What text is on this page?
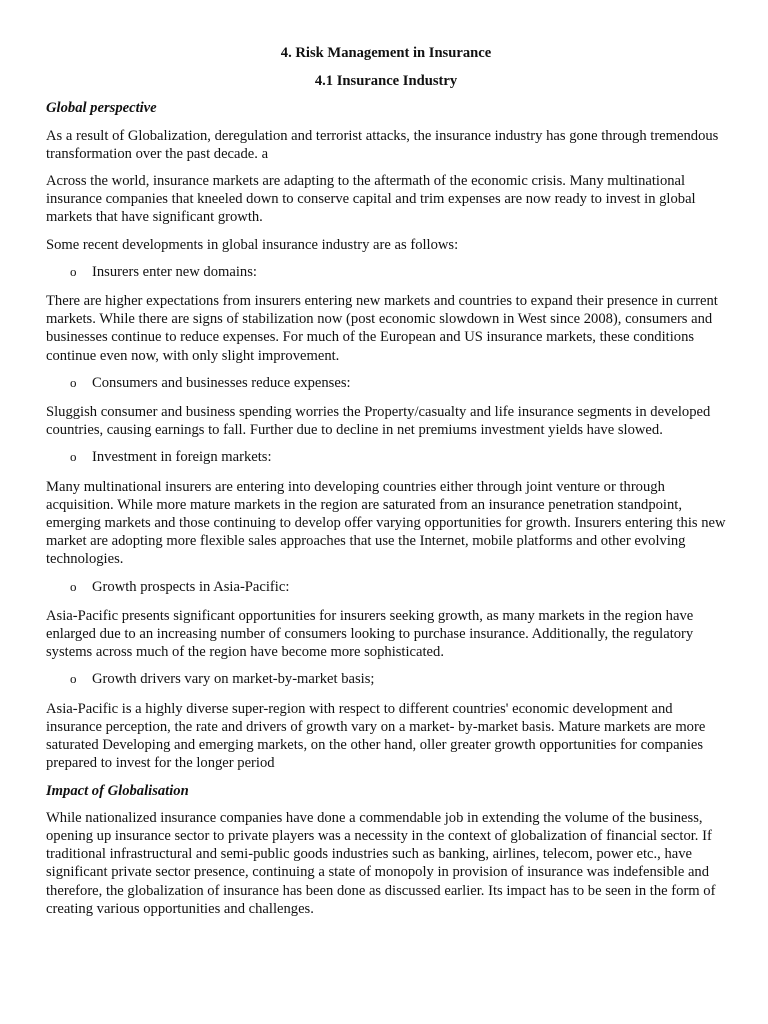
4. Risk Management in Insurance
4.1 Insurance Industry
Global perspective

As a result of Globalization, deregulation and terrorist attacks, the insurance industry has gone through tremendous transformation over the past decade. a

Across the world, insurance markets are adapting to the aftermath of the economic crisis. Many multinational insurance companies that kneeled down to conserve capital and trim expenses are now ready to invest in global markets that have significant growth.

Some recent developments in global insurance industry are as follows:

o Insurers enter new domains:

There are higher expectations from insurers entering new markets and countries to expand their presence in current markets. While there are signs of stabilization now (post economic slowdown in West since 2008), consumers and businesses continue to reduce expenses. For much of the European and US insurance markets, these conditions continue even now, with only slight improvement.

o Consumers and businesses reduce expenses:

Sluggish consumer and business spending worries the Property/casualty and life insurance segments in developed countries, causing earnings to fall. Further due to decline in net premiums investment yields have slowed.

o Investment in foreign markets:

Many multinational insurers are entering into developing countries either through joint venture or through acquisition. While more mature markets in the region are saturated from an insurance penetration standpoint, emerging markets and those continuing to develop offer varying opportunities for growth. Insurers entering this new market are adopting more flexible sales approaches that use the Internet, mobile platforms and other evolving technologies.

o Growth prospects in Asia-Pacific:

Asia-Pacific presents significant opportunities for insurers seeking growth, as many markets in the region have enlarged due to an increasing number of consumers looking to purchase insurance. Additionally, the regulatory systems across much of the region have become more sophisticated.

o Growth drivers vary on market-by-market basis;

Asia-Pacific is a highly diverse super-region with respect to different countries' economic development and insurance perception, the rate and drivers of growth vary on a market- by-market basis. Mature markets are more saturated Developing and emerging markets, on the other hand, oller greater growth opportunities for companies prepared to invest for the longer period

Impact of Globalisation

While nationalized insurance companies have done a commendable job in extending the volume of the business, opening up insurance sector to private players was a necessity in the context of globalization of financial sector. If traditional infrastructural and semi-public goods industries such as banking, airlines, telecom, power etc., have significant private sector presence, continuing a state of monopoly in provision of insurance was indefensible and therefore, the globalization of insurance has been done as discussed earlier. Its impact has to be seen in the form of creating various opportunities and challenges.
